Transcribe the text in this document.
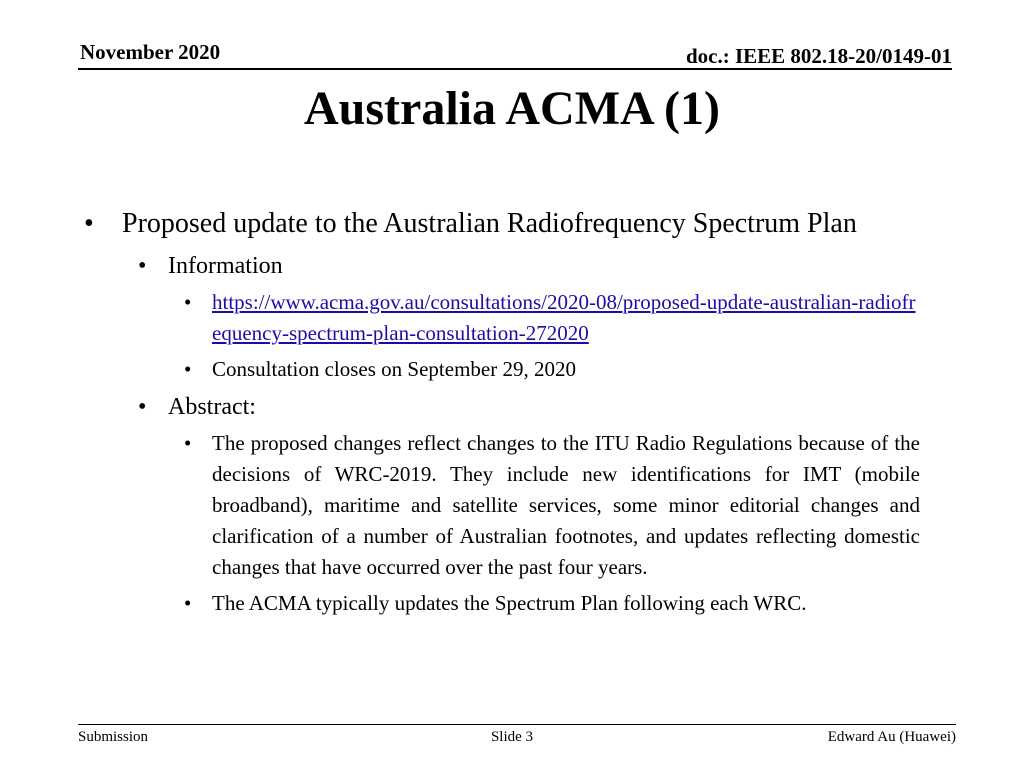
November 2020	doc.: IEEE 802.18-20/0149-01
Australia ACMA (1)
• Proposed update to the Australian Radiofrequency Spectrum Plan
• Information
• https://www.acma.gov.au/consultations/2020-08/proposed-update-australian-radiofrequency-spectrum-plan-consultation-272020
• Consultation closes on September 29, 2020
• Abstract:
• The proposed changes reflect changes to the ITU Radio Regulations because of the decisions of WRC-2019. They include new identifications for IMT (mobile broadband), maritime and satellite services, some minor editorial changes and clarification of a number of Australian footnotes, and updates reflecting domestic changes that have occurred over the past four years.
• The ACMA typically updates the Spectrum Plan following each WRC.
Submission	Slide 3	Edward Au (Huawei)
